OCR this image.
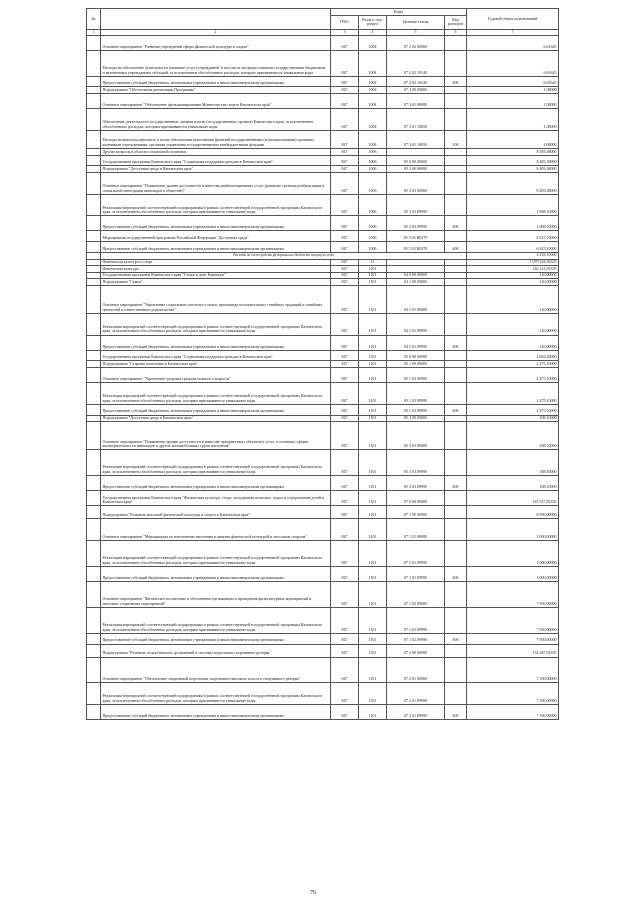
№		Коды				Годовой объем ассигнований
		ГРБС	Раздел, под-раздел	Целевая статья	Вид расходов	
1	2	3	4	5	6	7
	Основное мероприятие "Развитие учреждений сферы физической культуры и спорта"	847	1004	07 2 02 00000		6,61645
	Расходы на обеспечение деятельности (оказание услуг) учреждений, в том числе на предоставление государственным бюджетным и автономным учреждениям субсидий, за исключением обособленных расходов, которым присваиваются уникальные коды	847	1004	07 2 02 10140		6,61645
	Предоставление субсидий бюджетным, автономным учреждениям и иным некоммерческим организациям	847	1004	07 2 02 10140	600	6,61645
	Подпрограмма "Обеспечение реализации Программы"	847	1004	07 3 00 00000		1,08000
	Основное мероприятие "Обеспечение функционирования Министерства спорта Камчатского края"	847	1004	07 3 01 00000		1,08000
	Обеспечение деятельности государственных органов власти (государственных органов) Камчатского края, за исключением обособленных расходов, которым присваиваются уникальные коды	847	1004	07 3 01 10050		1,08000
	Расходы на выплаты персоналу в целях обеспечения выполнения функций государственными (муниципальными) органами, казенными учреждениями, органами управления государственными внебюджетными фондами	847	1004	07 3 01 10050	100	1,08000
	Другие вопросы в области социальной политики	847	1006			8 483,38000
	Государственная программа Камчатского края "Социальная поддержка граждан в Камчатском крае"	847	1006	05 0 00 00000		8 483,38000
	Подпрограмма "Доступная среда в Камчатском крае"	847	1006	05 3 00 00000		8 483,38000
	Основное мероприятие "Повышение уровня доступности и качества реабилитационных услуг (развитие системы реабилитации и социальной интеграции инвалидов в обществе)"	847	1006	05 3 03 00000		8 483,38000
	Реализация мероприятий соответствующей подпрограммы в рамках соответствующей государственной программы Камчатского края, за исключением обособленных расходов, которым присваиваются уникальные коды	847	1006	05 3 03 09990		1 868,10000
	Предоставление субсидий бюджетным, автономным учреждениям и иным некоммерческим организациям	847	1006	05 3 03 09990	600	1 868,10000
	Мероприятия государственной программы Российской Федерации "Доступная среда"	847	1006	05 3 03 R0270		6 615,10000
	Предоставление субсидий бюджетным, автономным учреждениям и иным некоммерческим организациям	847	1006	05 3 03 R0270	600	6 615,10000
	Расходы за счет средств федерального бюджета текущего года					4 233,10000
	Физическая культура и спорт	847	11			1 079 234,56335
	Физическая культура	847	1101			146 121,92335
	Государственная программа Камчатского края "Семья и дети Камчатки"	847	1101	04 0 00 00000		120,00000
	Подпрограмма "Семья"	847	1101	04 1 00 00000		120,00000
	Основное мероприятие "Укрепление социального института семьи, пропаганда положительных семейных традиций и семейных ценностей и ответственного родительства"	847	1101	04 1 01 00000		120,00000
	Реализация мероприятий соответствующей подпрограммы в рамках соответствующей государственной программы Камчатского края, за исключением обособленных расходов, которым присваиваются уникальные коды	847	1101	04 1 01 09990		120,00000
	Предоставление субсидий бюджетным, автономным учреждениям и иным некоммерческим организациям	847	1101	04 1 01 09990	600	120,00000
	Государственная программа Камчатского края "Социальная поддержка граждан в Камчатском крае"	847	1101	05 0 00 00000		2 663,20000
	Подпрограмма "Старшее поколение в Камчатском крае"	847	1101	05 1 00 00000		2 475,10000
	Основное мероприятие "Укрепление здоровья граждан пожилого возраста"	847	1101	05 1 03 00000		2 475,10000
	Реализация мероприятий соответствующей подпрограммы в рамках соответствующей государственной программы Камчатского края, за исключением обособленных расходов, которым присваиваются уникальные коды	847	1101	05 1 03 09990		2 475,10000
	Предоставление субсидий бюджетным, автономным учреждениям и иным некоммерческим организациям	847	1101	05 1 03 09990	600	2 475,10000
	Подпрограмма "Доступная среда в Камчатском крае"	847	1101	05 3 00 00000		188,10000
	Основное мероприятие "Повышение уровня доступности и качества приоритетных объектов и услуг в основных сферах жизнедеятельности инвалидов и других маломобильных групп населения"	847	1101	05 3 03 00000		188,10000
	Реализация мероприятий соответствующей подпрограммы в рамках соответствующей государственной программы Камчатского края, за исключением обособленных расходов, которым присваиваются уникальные коды	847	1101	05 3 03 09990		188,10000
	Предоставление субсидий бюджетным, автономным учреждениям и иным некоммерческим организациям	847	1101	05 3 03 09990	600	188,10000
	Государственная программа Камчатского края "Физическая культура, спорт, молодежная политика, отдых и оздоровление детей в Камчатском крае"	847	1101	07 0 00 00000		143 337,82335
	Подпрограмма "Развитие массовой физической культуры и спорта в Камчатском крае"	847	1101	07 1 00 00000		8 950,00000
	Основное мероприятие "Мероприятия по вовлечению населения в занятия физической культурой и массовым спортом"	847	1101	07 1 01 00000		1 000,00000
	Реализация мероприятий соответствующей подпрограммы в рамках соответствующей государственной программы Камчатского края, за исключением обособленных расходов, которым присваиваются уникальные коды	847	1101	07 1 01 09990		1 000,00000
	Предоставление субсидий бюджетным, автономным учреждениям и иным некоммерческим организациям	847	1101	07 1 01 09990	600	1 000,00000
	Основное мероприятие "Физическое воспитание и обеспечение организации и проведения физкультурных мероприятий и массовых спортивных мероприятий"	847	1101	07 1 02 00000		7 950,00000
	Реализация мероприятий соответствующей подпрограммы в рамках соответствующей государственной программы Камчатского края, за исключением обособленных расходов, которым присваиваются уникальные коды	847	1101	07 1 02 09990		7 950,00000
	Предоставление субсидий бюджетным, автономным учреждениям и иным некоммерческим организациям	847	1101	07 1 02 09990	600	7 950,00000
	Подпрограмма "Развитие спорта высших достижений и системы подготовки спортивного резерва"	847	1101	07 2 00 00000		134 387,82335
	Основное мероприятие "Обеспечение спортивной подготовки спортивного высокого класса и спортивного резерва"	847	1101	07 2 01 00000		7 100,00000
	Реализация мероприятий соответствующей подпрограммы в рамках соответствующей государственной программы Камчатского края, за исключением обособленных расходов, которым присваиваются уникальные коды	847	1101	07 2 01 09990		7 100,00000
	Предоставление субсидий бюджетным, автономным учреждениям и иным некоммерческим организациям	847	1101	07 2 01 09990	600	7 100,00000
76
